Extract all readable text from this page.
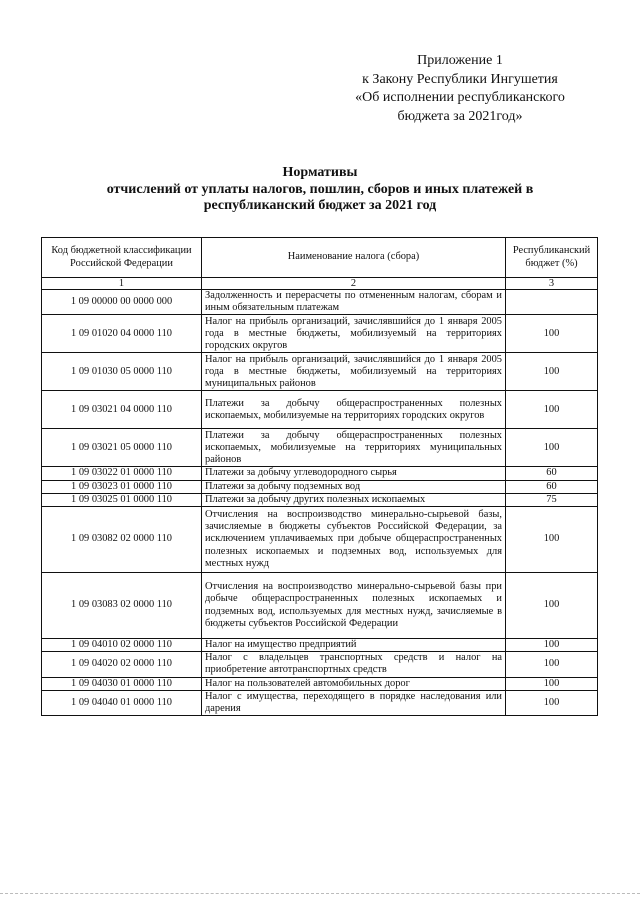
Приложение 1
к Закону Республики Ингушетия
«Об исполнении республиканского
бюджета за 2021год»
Нормативы
отчислений от уплаты налогов, пошлин, сборов и иных платежей в
республиканский бюджет за 2021 год
Код бюджетной классификации Российской Федерации	Наименование налога (сбора)	Республиканский бюджет (%)
1	2	3
1 09 00000 00 0000 000	Задолженность и перерасчеты по отмененным налогам, сборам и иным обязательным платежам	
1 09 01020 04 0000 110	Налог на прибыль организаций, зачислявшийся до 1 января 2005 года в местные бюджеты, мобилизуемый на территориях городских округов	100
1 09 01030 05 0000 110	Налог на прибыль организаций, зачислявшийся до 1 января 2005 года в местные бюджеты, мобилизуемый на территориях муниципальных районов	100
1 09 03021 04 0000 110	Платежи за добычу общераспространенных полезных ископаемых, мобилизуемые на территориях городских округов	100
1 09 03021 05 0000 110	Платежи за добычу общераспространенных полезных ископаемых, мобилизуемые на территориях муниципальных районов	100
1 09 03022 01 0000 110	Платежи за добычу углеводородного сырья	60
1 09 03023 01 0000 110	Платежи за добычу подземных вод	60
1 09 03025 01 0000 110	Платежи за добычу других полезных ископаемых	75
1 09 03082 02 0000 110	Отчисления на воспроизводство минерально-сырьевой базы, зачисляемые в бюджеты субъектов Российской Федерации, за исключением уплачиваемых при добыче общераспространенных полезных ископаемых и подземных вод, используемых для местных нужд	100
1 09 03083 02 0000 110	Отчисления на воспроизводство минерально-сырьевой базы при добыче общераспространенных полезных ископаемых и подземных вод, используемых для местных нужд, зачисляемые в бюджеты субъектов Российской Федерации	100
1 09 04010 02 0000 110	Налог на имущество предприятий	100
1 09 04020 02 0000 110	Налог с владельцев транспортных средств и налог на приобретение автотранспортных средств	100
1 09 04030 01 0000 110	Налог на пользователей автомобильных дорог	100
1 09 04040 01 0000 110	Налог с имущества, переходящего в порядке наследования или дарения	100
